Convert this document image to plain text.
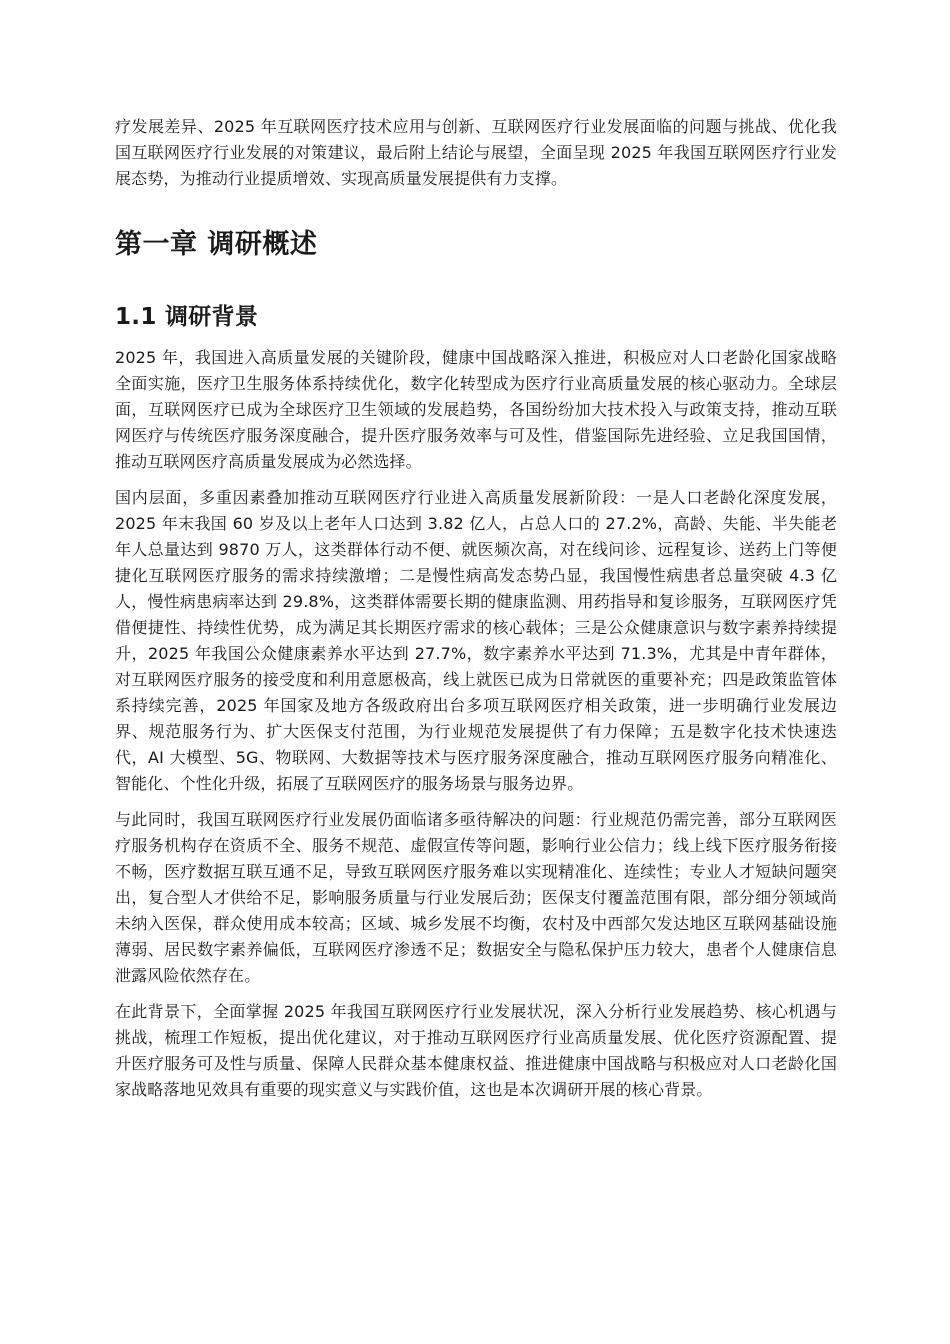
疗发展差异、2025 年互联网医疗技术应用与创新、互联网医疗行业发展面临的问题与挑战、优化我国互联网医疗行业发展的对策建议，最后附上结论与展望，全面呈现 2025 年我国互联网医疗行业发展态势，为推动行业提质增效、实现高质量发展提供有力支撑。

第一章 调研概述
1.1 调研背景

2025 年，我国进入高质量发展的关键阶段，健康中国战略深入推进，积极应对人口老龄化国家战略全面实施，医疗卫生服务体系持续优化，数字化转型成为医疗行业高质量发展的核心驱动力。全球层面，互联网医疗已成为全球医疗卫生领域的发展趋势，各国纷纷加大技术投入与政策支持，推动互联网医疗与传统医疗服务深度融合，提升医疗服务效率与可及性，借鉴国际先进经验、立足我国国情，推动互联网医疗高质量发展成为必然选择。

国内层面，多重因素叠加推动互联网医疗行业进入高质量发展新阶段：一是人口老龄化深度发展，2025 年末我国 60 岁及以上老年人口达到 3.82 亿人，占总人口的 27.2%，高龄、失能、半失能老年人总量达到 9870 万人，这类群体行动不便、就医频次高，对在线问诊、远程复诊、送药上门等便捷化互联网医疗服务的需求持续激增；二是慢性病高发态势凸显，我国慢性病患者总量突破 4.3 亿人，慢性病患病率达到 29.8%，这类群体需要长期的健康监测、用药指导和复诊服务，互联网医疗凭借便捷性、持续性优势，成为满足其长期医疗需求的核心载体；三是公众健康意识与数字素养持续提升，2025 年我国公众健康素养水平达到 27.7%，数字素养水平达到 71.3%，尤其是中青年群体，对互联网医疗服务的接受度和利用意愿极高，线上就医已成为日常就医的重要补充；四是政策监管体系持续完善，2025 年国家及地方各级政府出台多项互联网医疗相关政策，进一步明确行业发展边界、规范服务行为、扩大医保支付范围，为行业规范发展提供了有力保障；五是数字化技术快速迭代，AI 大模型、5G、物联网、大数据等技术与医疗服务深度融合，推动互联网医疗服务向精准化、智能化、个性化升级，拓展了互联网医疗的服务场景与服务边界。

与此同时，我国互联网医疗行业发展仍面临诸多亟待解决的问题：行业规范仍需完善，部分互联网医疗服务机构存在资质不全、服务不规范、虚假宣传等问题，影响行业公信力；线上线下医疗服务衔接不畅，医疗数据互联互通不足，导致互联网医疗服务难以实现精准化、连续性；专业人才短缺问题突出，复合型人才供给不足，影响服务质量与行业发展后劲；医保支付覆盖范围有限，部分细分领域尚未纳入医保，群众使用成本较高；区域、城乡发展不均衡，农村及中西部欠发达地区互联网基础设施薄弱、居民数字素养偏低，互联网医疗渗透不足；数据安全与隐私保护压力较大，患者个人健康信息泄露风险依然存在。

在此背景下，全面掌握 2025 年我国互联网医疗行业发展状况，深入分析行业发展趋势、核心机遇与挑战，梳理工作短板，提出优化建议，对于推动互联网医疗行业高质量发展、优化医疗资源配置、提升医疗服务可及性与质量、保障人民群众基本健康权益、推进健康中国战略与积极应对人口老龄化国家战略落地见效具有重要的现实意义与实践价值，这也是本次调研开展的核心背景。
